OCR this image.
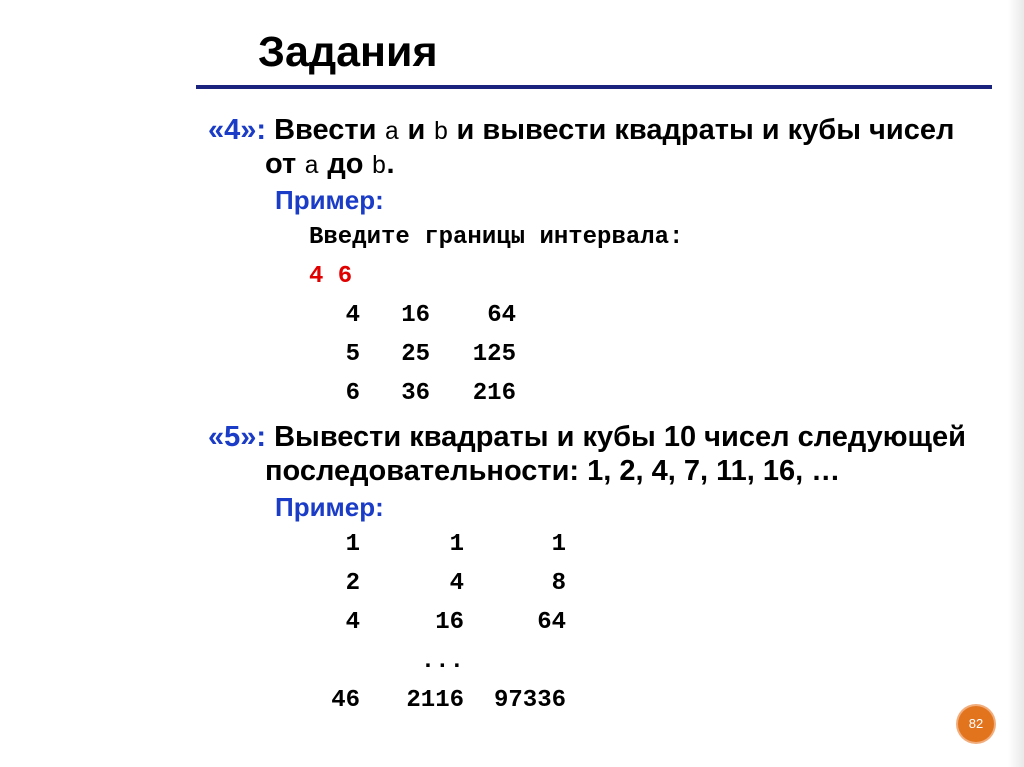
Задания
«4»: Ввести a и b и вывести квадраты и кубы чисел
от a до b.
Пример:
Введите границы интервала:
4 6
4	16	64
5	25	125
6	36	216
«5»: Вывести квадраты и кубы 10 чисел следующей
последовательности: 1, 2, 4, 7, 11, 16, …
Пример:
1	1	1
2	4	8
4	16	64
...
46	2116	97336
82
